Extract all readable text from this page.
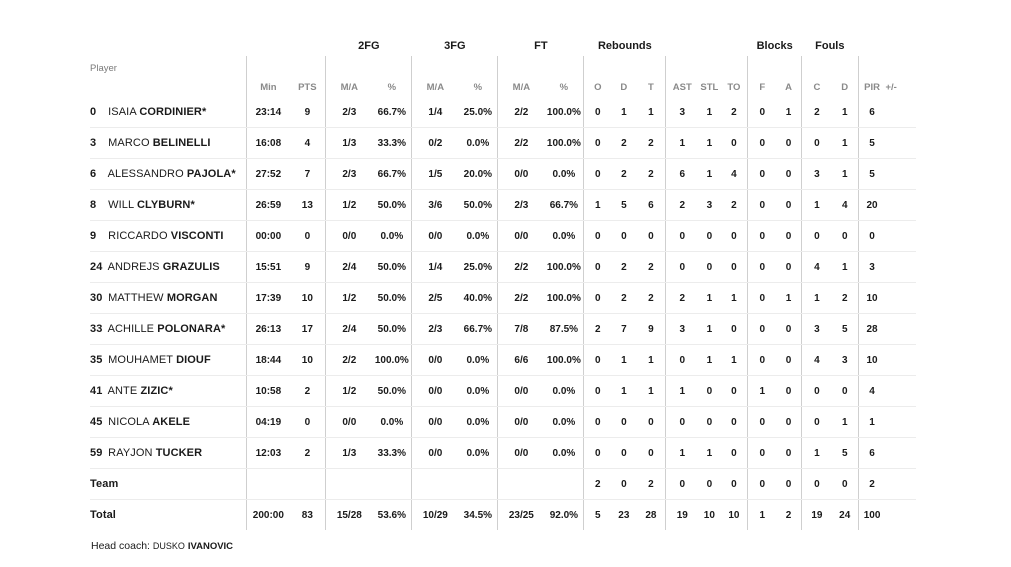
			2FG		3FG		FT		Rebounds						Blocks		Fouls			
Player	Min	PTS	M/A	%	M/A	%	M/A	%	O	D	T	AST	STL	TO	F	A	C	D	PIR	+/-
0 ISAIA CORDINIER*	23:14	9	2/3	66.7%	1/4	25.0%	2/2	100.0%	0	1	1	3	1	2	0	1	2	1	6	
3 MARCO BELINELLI	16:08	4	1/3	33.3%	0/2	0.0%	2/2	100.0%	0	2	2	1	1	0	0	0	0	1	5	
6 ALESSANDRO PAJOLA*	27:52	7	2/3	66.7%	1/5	20.0%	0/0	0.0%	0	2	2	6	1	4	0	0	3	1	5	
8 WILL CLYBURN*	26:59	13	1/2	50.0%	3/6	50.0%	2/3	66.7%	1	5	6	2	3	2	0	0	1	4	20	
9 RICCARDO VISCONTI	00:00	0	0/0	0.0%	0/0	0.0%	0/0	0.0%	0	0	0	0	0	0	0	0	0	0	0	
24 ANDREJS GRAZULIS	15:51	9	2/4	50.0%	1/4	25.0%	2/2	100.0%	0	2	2	0	0	0	0	0	4	1	3	
30 MATTHEW MORGAN	17:39	10	1/2	50.0%	2/5	40.0%	2/2	100.0%	0	2	2	2	1	1	0	1	1	2	10	
33 ACHILLE POLONARA*	26:13	17	2/4	50.0%	2/3	66.7%	7/8	87.5%	2	7	9	3	1	0	0	0	3	5	28	
35 MOUHAMET DIOUF	18:44	10	2/2	100.0%	0/0	0.0%	6/6	100.0%	0	1	1	0	1	1	0	0	4	3	10	
41 ANTE ZIZIC*	10:58	2	1/2	50.0%	0/0	0.0%	0/0	0.0%	0	1	1	1	0	0	1	0	0	0	4	
45 NICOLA AKELE	04:19	0	0/0	0.0%	0/0	0.0%	0/0	0.0%	0	0	0	0	0	0	0	0	0	1	1	
59 RAYJON TUCKER	12:03	2	1/3	33.3%	0/0	0.0%	0/0	0.0%	0	0	0	1	1	0	0	0	1	5	6	
Team									2	0	2	0	0	0	0	0	0	0	2	
Total	200:00	83	15/28	53.6%	10/29	34.5%	23/25	92.0%	5	23	28	19	10	10	1	2	19	24	100	
Head coach: DUSKO IVANOVIC
